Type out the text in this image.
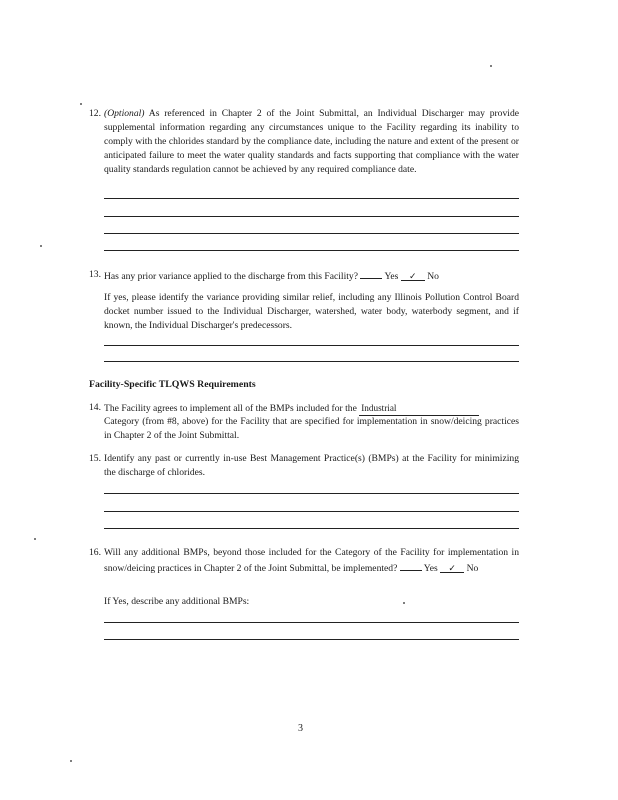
12. (Optional) As referenced in Chapter 2 of the Joint Submittal, an Individual Discharger may provide supplemental information regarding any circumstances unique to the Facility regarding its inability to comply with the chlorides standard by the compliance date, including the nature and extent of the present or anticipated failure to meet the water quality standards and facts supporting that compliance with the water quality standards regulation cannot be achieved by any required compliance date.
13. Has any prior variance applied to the discharge from this Facility?	Yes ✓ No
If yes, please identify the variance providing similar relief, including any Illinois Pollution Control Board docket number issued to the Individual Discharger, watershed, water body, waterbody segment, and if known, the Individual Discharger's predecessors.
Facility-Specific TLQWS Requirements
14. The Facility agrees to implement all of the BMPs included for the Industrial
Category (from #8, above) for the Facility that are specified for implementation in snow/deicing practices in Chapter 2 of the Joint Submittal.
15. Identify any past or currently in-use Best Management Practice(s) (BMPs) at the Facility for minimizing the discharge of chlorides.
16. Will any additional BMPs, beyond those included for the Category of the Facility for implementation in snow/deicing practices in Chapter 2 of the Joint Submittal, be implemented?	Yes ✓ No
If Yes, describe any additional BMPs:
3
